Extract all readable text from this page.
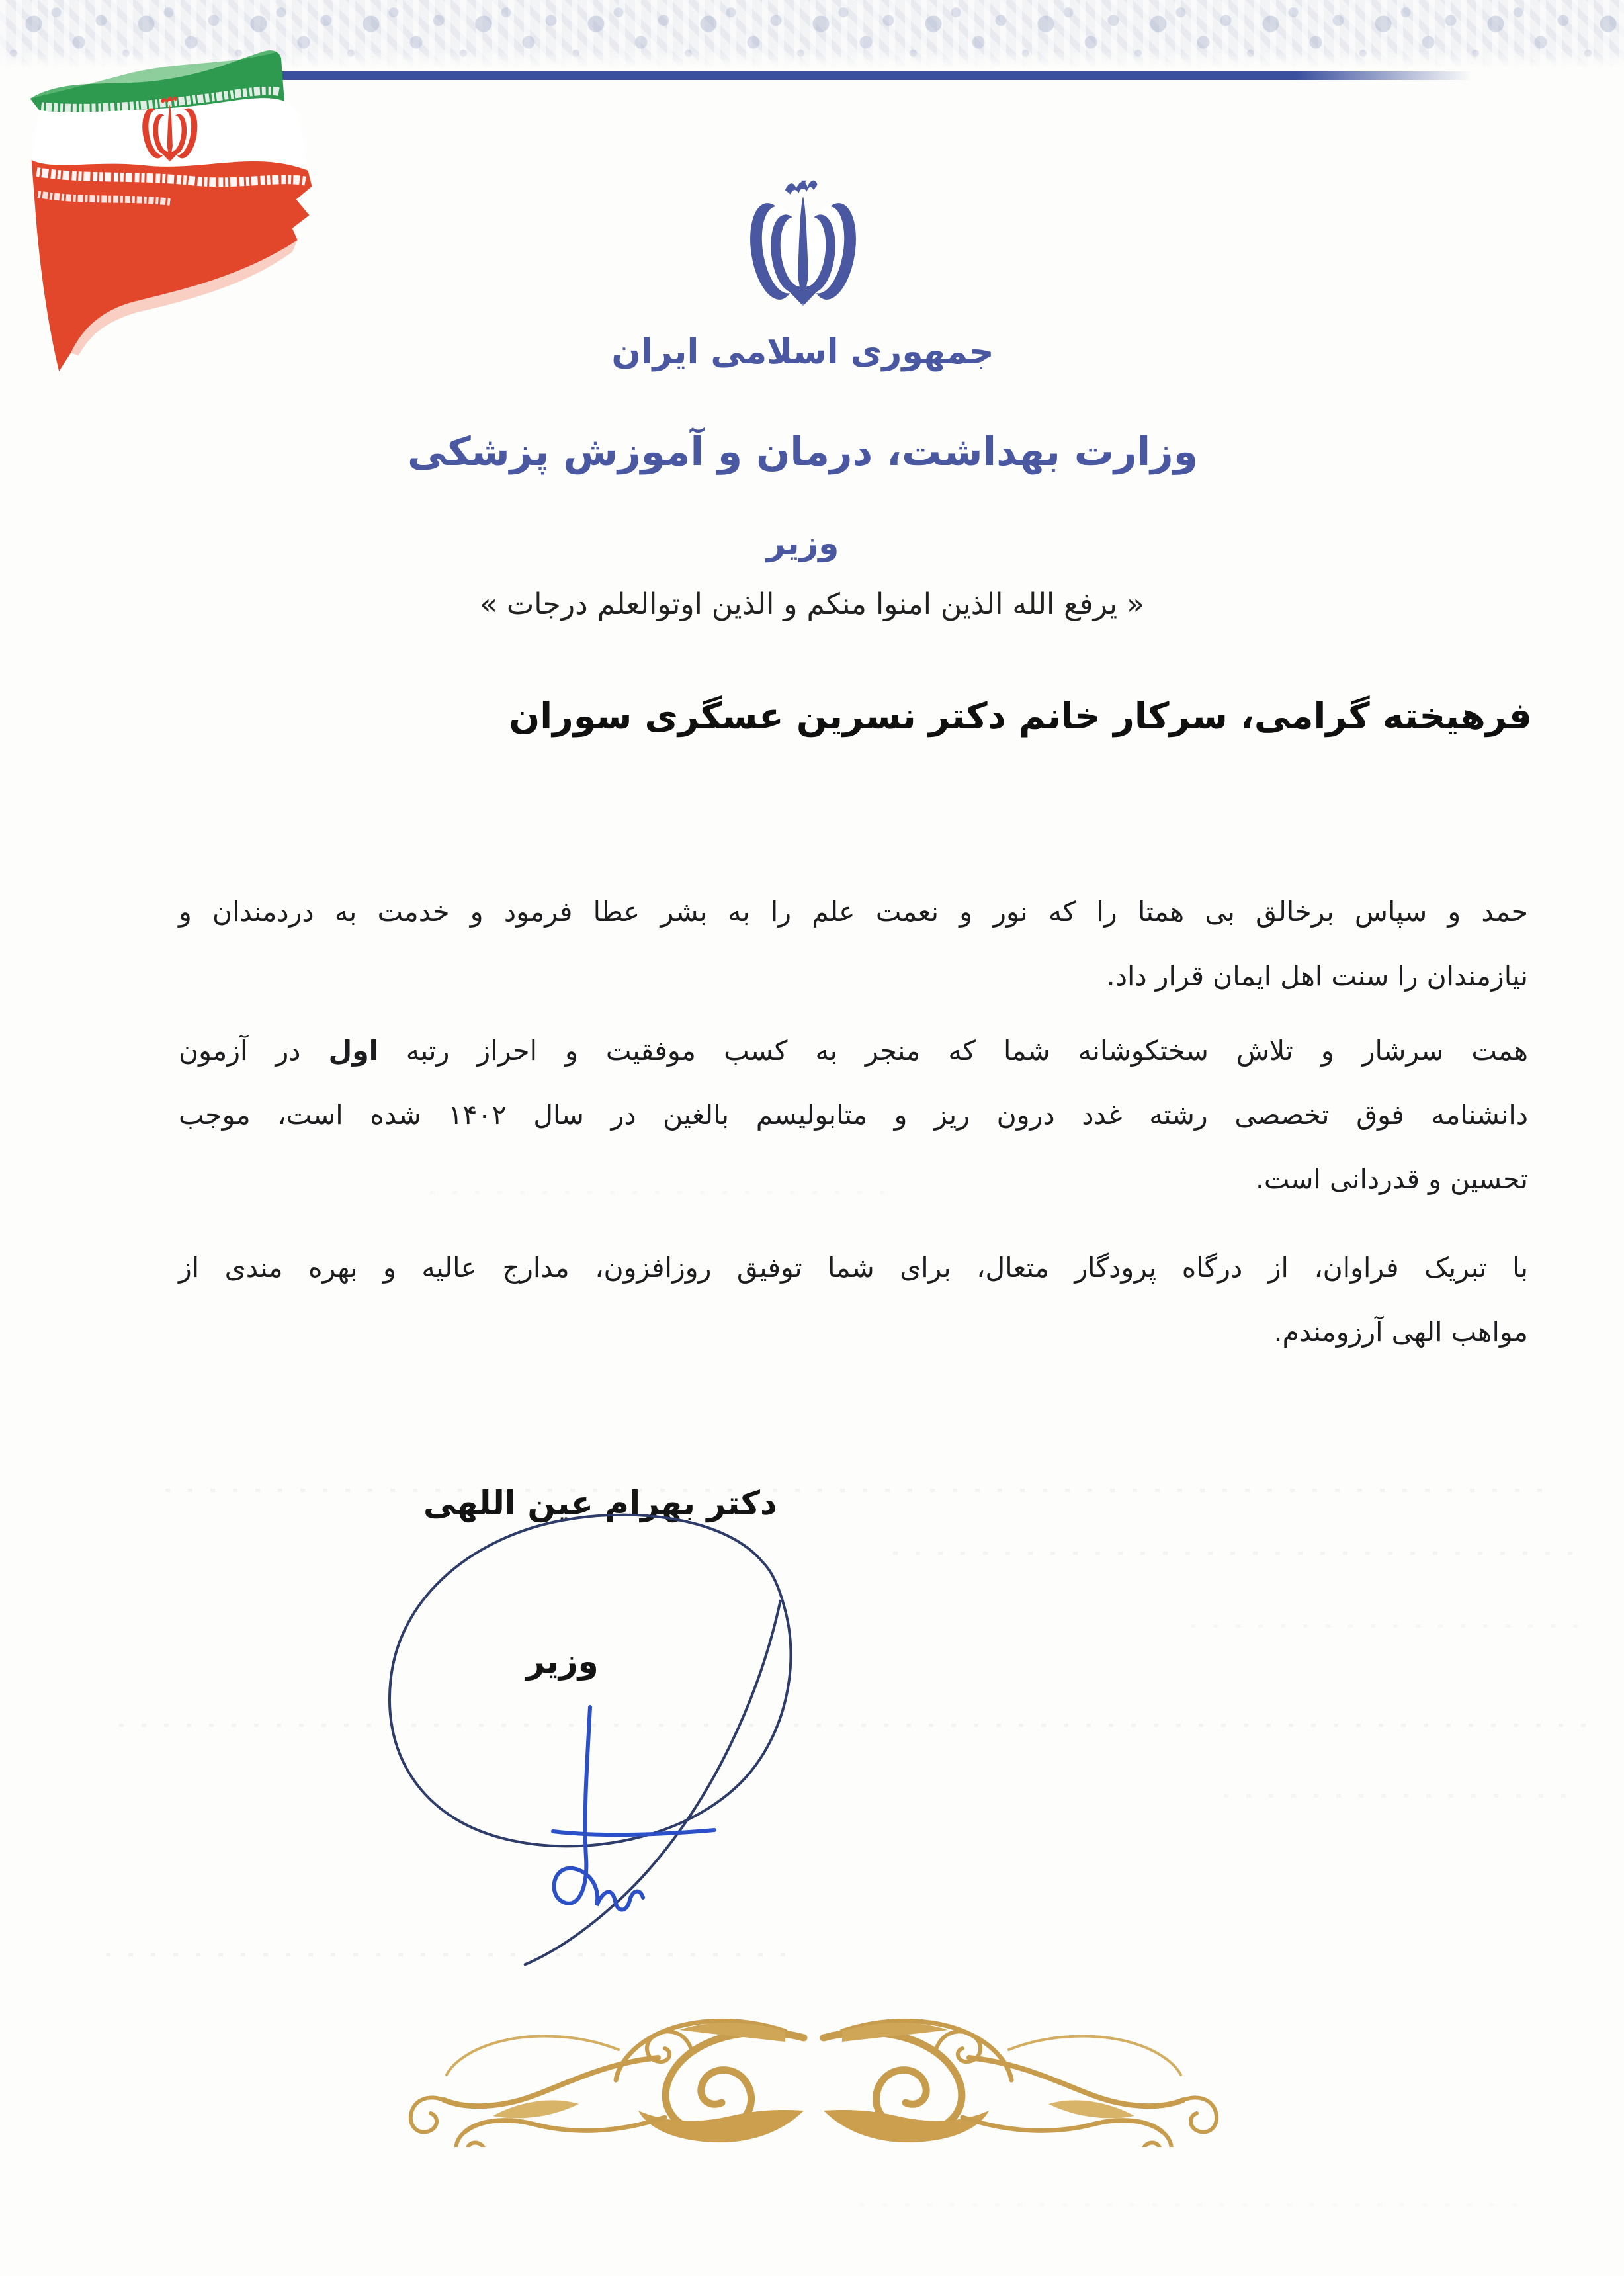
جمهوری اسلامی ایران
وزارت بهداشت، درمان و آموزش پزشکی
وزیر
« یرفع الله الذین امنوا منکم و الذین اوتوالعلم درجات »
فرهیخته گرامی، سرکار خانم دکتر نسرین عسگری سوران
حمد و سپاس برخالق بی همتا را که نور و نعمت علم را به بشر عطا فرمود و خدمت به دردمندان و
نیازمندان را سنت اهل ایمان قرار داد.
همت سرشار و تلاش سختکوشانه شما که منجر به کسب موفقیت و احراز رتبه اول در آزمون
دانشنامه فوق تخصصی رشته غدد درون ریز و متابولیسم بالغین در سال ۱۴۰۲ شده است، موجب
تحسین و قدردانی است.
با تبریک فراوان، از درگاه پرودگار متعال، برای شما توفیق روزافزون، مدارج عالیه و بهره مندی از
مواهب الهی آرزومندم.
دکتر بهرام عین اللهی
وزیر
